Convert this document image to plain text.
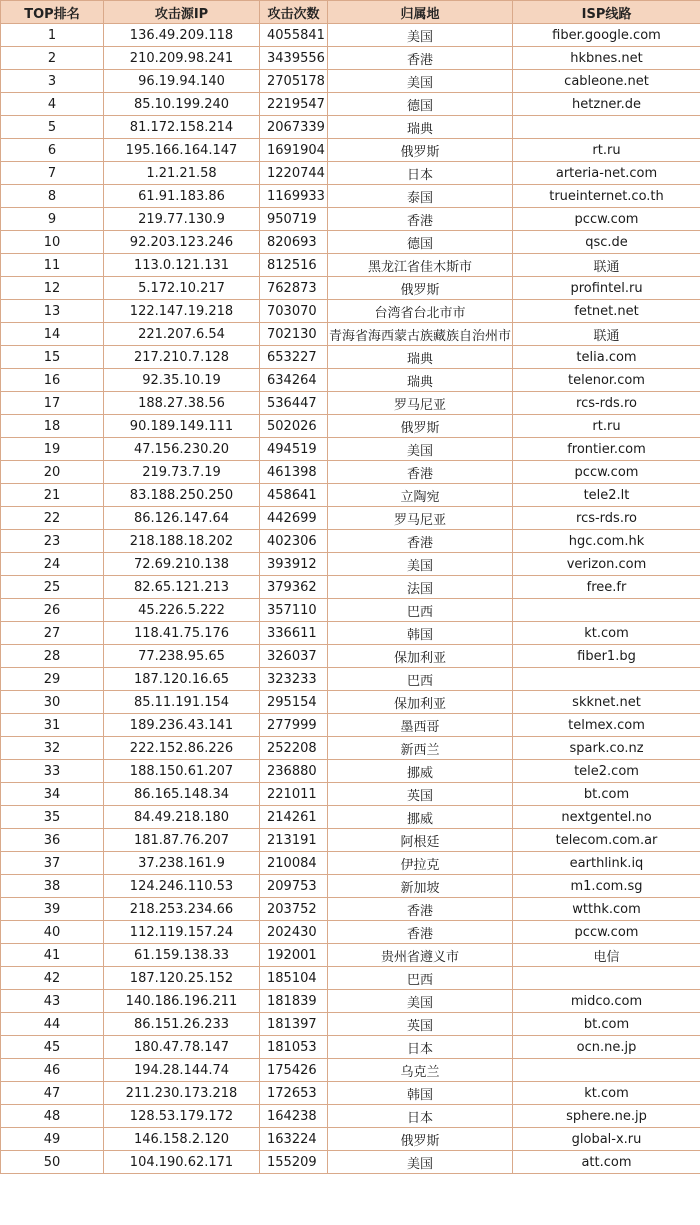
TOP排名	攻击源IP	攻击次数	归属地	ISP线路
1	136.49.209.118	4055841	美国	fiber.google.com
2	210.209.98.241	3439556	香港	hkbnes.net
3	96.19.94.140	2705178	美国	cableone.net
4	85.10.199.240	2219547	德国	hetzner.de
5	81.172.158.214	2067339	瑞典	
6	195.166.164.147	1691904	俄罗斯	rt.ru
7	1.21.21.58	1220744	日本	arteria-net.com
8	61.91.183.86	1169933	泰国	trueinternet.co.th
9	219.77.130.9	950719	香港	pccw.com
10	92.203.123.246	820693	德国	qsc.de
11	113.0.121.131	812516	黑龙江省佳木斯市	联通
12	5.172.10.217	762873	俄罗斯	profintel.ru
13	122.147.19.218	703070	台湾省台北市市	fetnet.net
14	221.207.6.54	702130	青海省海西蒙古族藏族自治州市	联通
15	217.210.7.128	653227	瑞典	telia.com
16	92.35.10.19	634264	瑞典	telenor.com
17	188.27.38.56	536447	罗马尼亚	rcs-rds.ro
18	90.189.149.111	502026	俄罗斯	rt.ru
19	47.156.230.20	494519	美国	frontier.com
20	219.73.7.19	461398	香港	pccw.com
21	83.188.250.250	458641	立陶宛	tele2.lt
22	86.126.147.64	442699	罗马尼亚	rcs-rds.ro
23	218.188.18.202	402306	香港	hgc.com.hk
24	72.69.210.138	393912	美国	verizon.com
25	82.65.121.213	379362	法国	free.fr
26	45.226.5.222	357110	巴西	
27	118.41.75.176	336611	韩国	kt.com
28	77.238.95.65	326037	保加利亚	fiber1.bg
29	187.120.16.65	323233	巴西	
30	85.11.191.154	295154	保加利亚	skknet.net
31	189.236.43.141	277999	墨西哥	telmex.com
32	222.152.86.226	252208	新西兰	spark.co.nz
33	188.150.61.207	236880	挪威	tele2.com
34	86.165.148.34	221011	英国	bt.com
35	84.49.218.180	214261	挪威	nextgentel.no
36	181.87.76.207	213191	阿根廷	telecom.com.ar
37	37.238.161.9	210084	伊拉克	earthlink.iq
38	124.246.110.53	209753	新加坡	m1.com.sg
39	218.253.234.66	203752	香港	wtthk.com
40	112.119.157.24	202430	香港	pccw.com
41	61.159.138.33	192001	贵州省遵义市	电信
42	187.120.25.152	185104	巴西	
43	140.186.196.211	181839	美国	midco.com
44	86.151.26.233	181397	英国	bt.com
45	180.47.78.147	181053	日本	ocn.ne.jp
46	194.28.144.74	175426	乌克兰	
47	211.230.173.218	172653	韩国	kt.com
48	128.53.179.172	164238	日本	sphere.ne.jp
49	146.158.2.120	163224	俄罗斯	global-x.ru
50	104.190.62.171	155209	美国	att.com
